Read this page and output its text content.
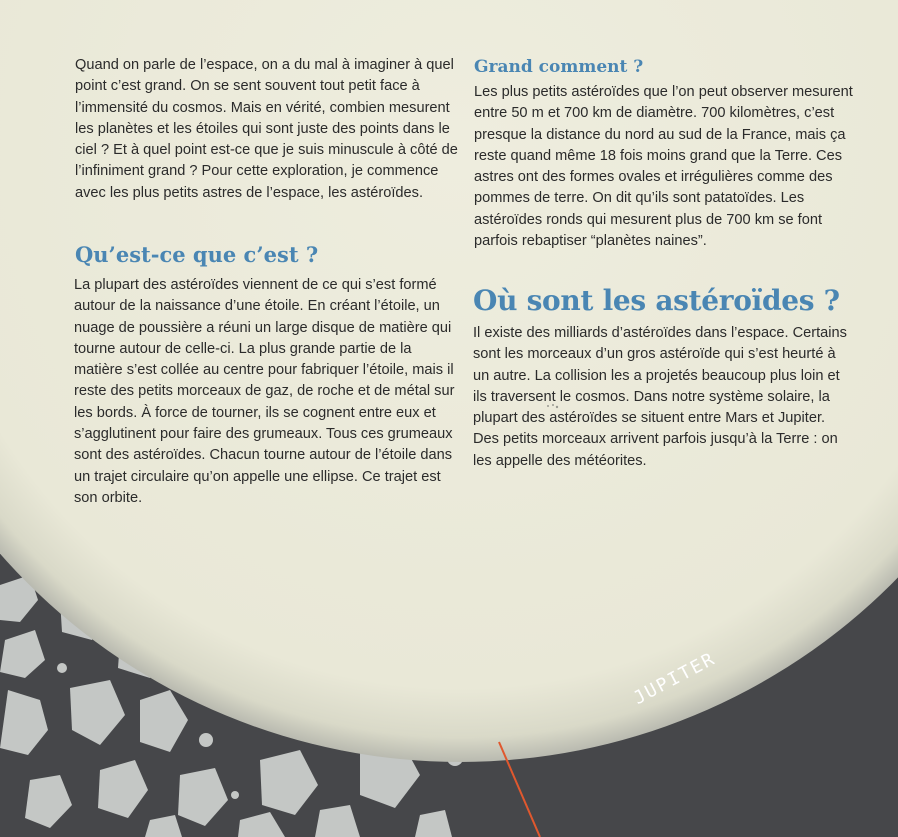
Quand on parle de l’espace, on a du mal à imaginer à quel point c’est grand. On se sent souvent tout petit face à l’immensité du cosmos. Mais en vérité, combien mesurent les planètes et les étoiles qui sont juste des points dans le ciel ? Et à quel point est-ce que je suis minuscule à côté de l’infiniment grand ? Pour cette exploration, je commence avec les plus petits astres de l’espace, les astéroïdes.

Qu’est-ce que c’est ?

La plupart des astéroïdes viennent de ce qui s’est formé autour de la naissance d’une étoile. En créant l’étoile, un nuage de poussière a réuni un large disque de matière qui tourne autour de celle-ci. La plus grande partie de la matière s’est collée au centre pour fabriquer l’étoile, mais il reste des petits morceaux de gaz, de roche et de métal sur les bords. À force de tourner, ils se cognent entre eux et s’agglutinent pour faire des grumeaux. Tous ces grumeaux sont des astéroïdes. Chacun tourne autour de l’étoile dans un trajet circulaire qu’on appelle une ellipse. Ce trajet est son orbite.

Grand comment ?

Les plus petits astéroïdes que l’on peut observer mesurent entre 50 m et 700 km de diamètre. 700 kilomètres, c’est presque la distance du nord au sud de la France, mais ça reste quand même 18 fois moins grand que la Terre. Ces astres ont des formes ovales et irrégulières comme des pommes de terre. On dit qu’ils sont patatoïdes. Les astéroïdes ronds qui mesurent plus de 700 km se font parfois rebaptiser “planètes naines”.

Où sont les astéroïdes ?

Il existe des milliards d’astéroïdes dans l’espace. Certains sont les morceaux d’un gros astéroïde qui s’est heurté à un autre. La collision les a projetés beaucoup plus loin et ils traversent le cosmos. Dans notre système solaire, la plupart des astéroïdes se situent entre Mars et Jupiter. Des petits morceaux arrivent parfois jusqu’à la Terre : on les appelle des météorites.

JUPITER
